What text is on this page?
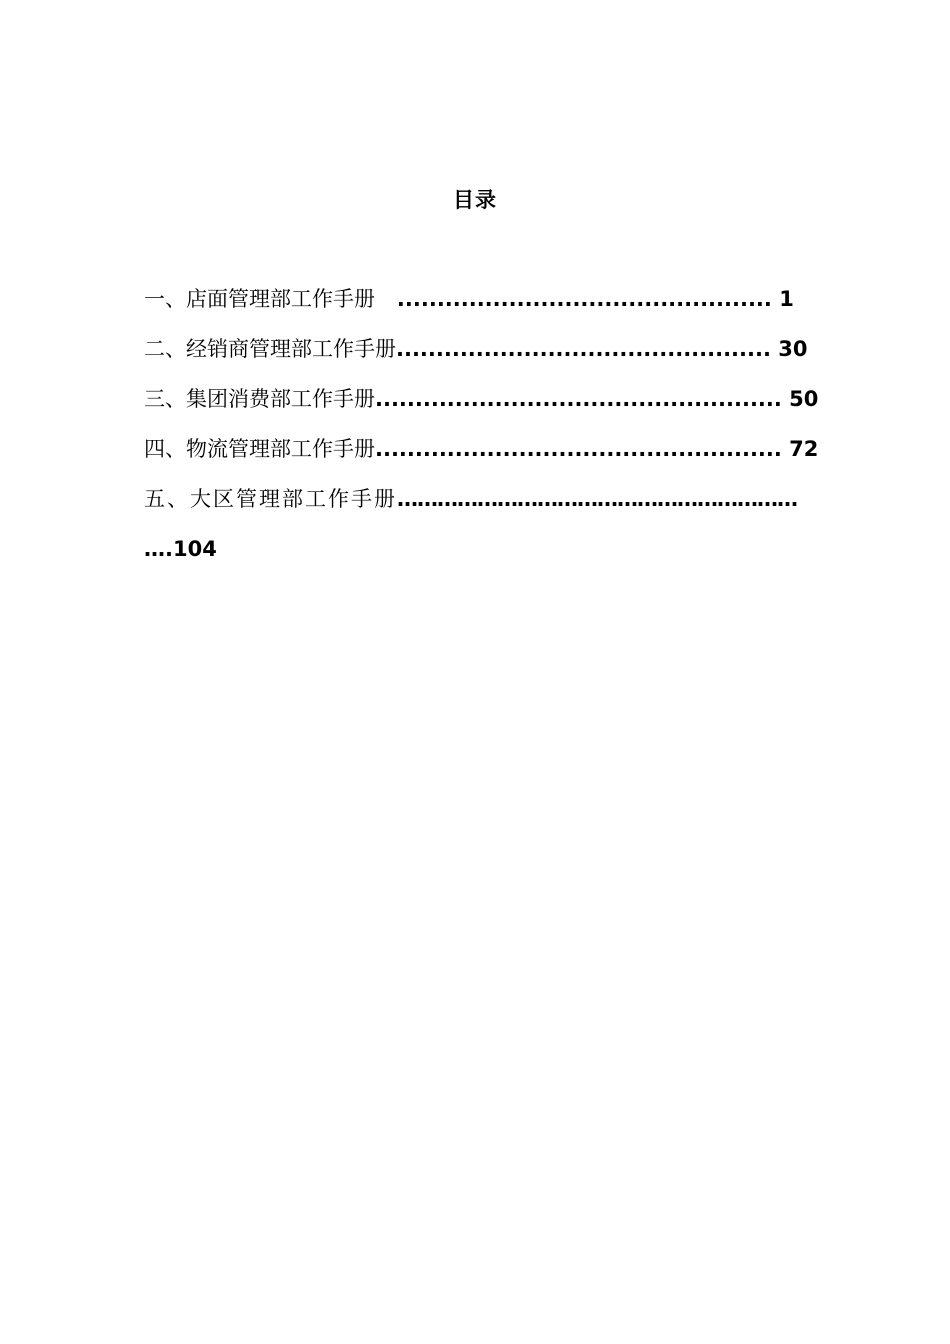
目录
一、店面管理部工作手册   ............................................... 1
二、经销商管理部工作手册............................................... 30
三、集团消费部工作手册................................................... 50
四、物流管理部工作手册................................................... 72
五、大区管理部工作手册……………………………………………………
….104
